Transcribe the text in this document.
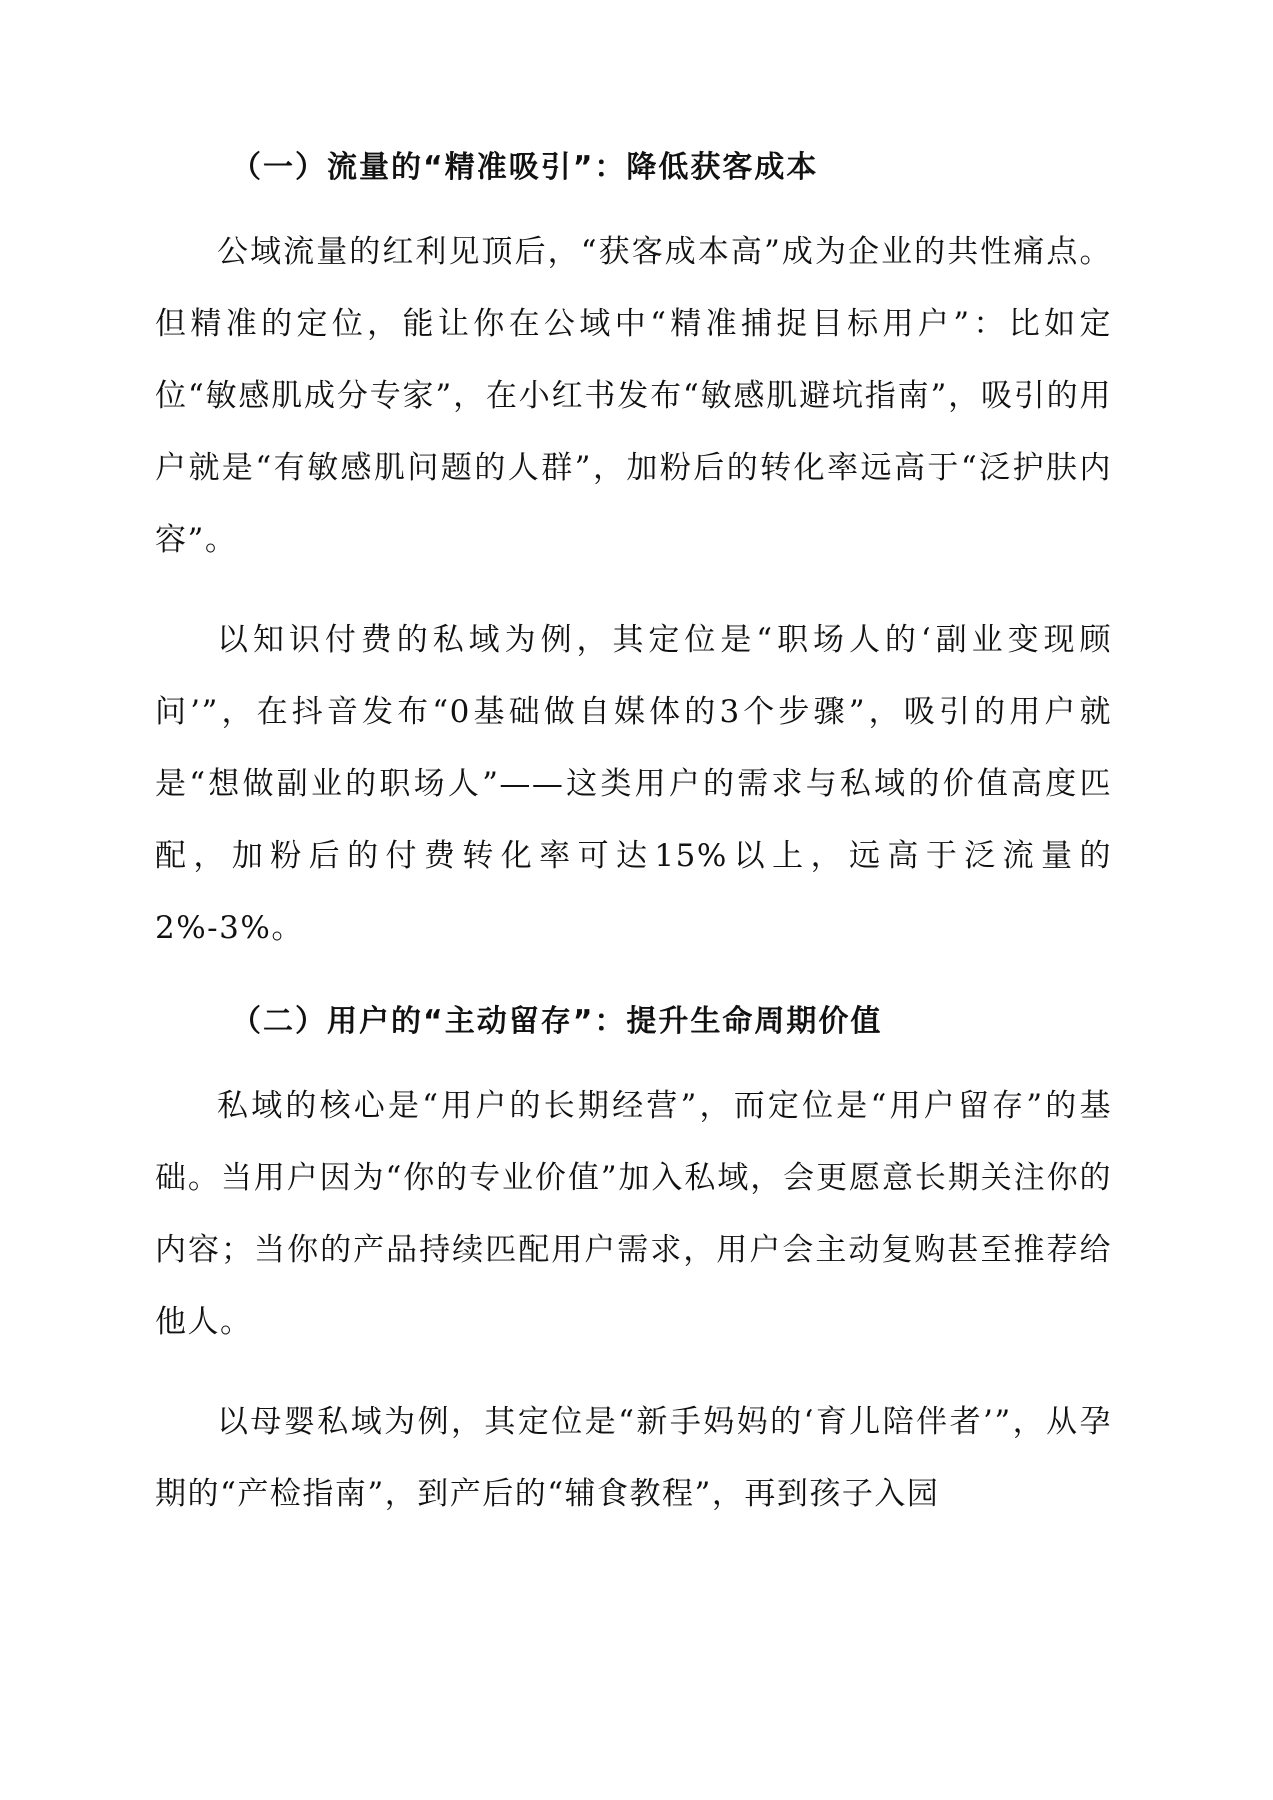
（一）流量的“精准吸引”：降低获客成本

公域流量的红利见顶后，“获客成本高”成为企业的共性痛点。但精准的定位，能让你在公域中“精准捕捉目标用户”：比如定位“敏感肌成分专家”，在小红书发布“敏感肌避坑指南”，吸引的用户就是“有敏感肌问题的人群”，加粉后的转化率远高于“泛护肤内容”。

以知识付费的私域为例，其定位是“职场人的‘副业变现顾问’”，在抖音发布“0基础做自媒体的3个步骤”，吸引的用户就是“想做副业的职场人”——这类用户的需求与私域的价值高度匹配，加粉后的付费转化率可达15%以上，远高于泛流量的2%-3%。

（二）用户的“主动留存”：提升生命周期价值

私域的核心是“用户的长期经营”，而定位是“用户留存”的基础。当用户因为“你的专业价值”加入私域，会更愿意长期关注你的内容；当你的产品持续匹配用户需求，用户会主动复购甚至推荐给他人。

以母婴私域为例，其定位是“新手妈妈的‘育儿陪伴者’”，从孕期的“产检指南”，到产后的“辅食教程”，再到孩子入园
